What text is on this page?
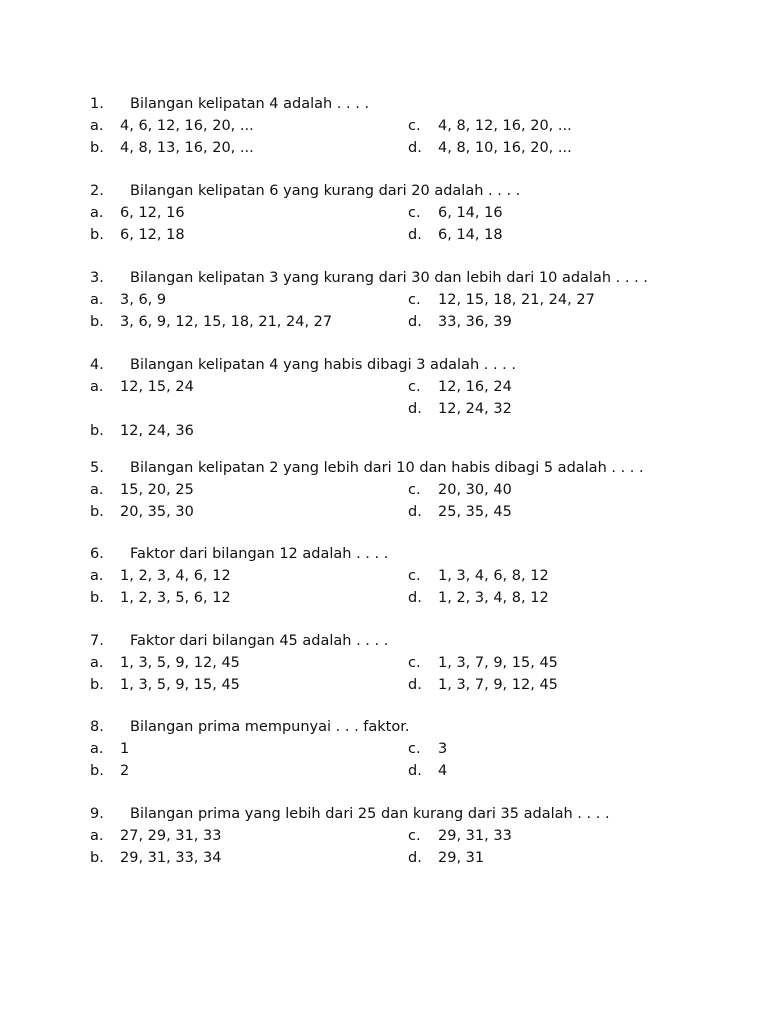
1. Bilangan kelipatan 4 adalah . . . .
a. 4, 6, 12, 16, 20, ...	c. 4, 8, 12, 16, 20, ...
b. 4, 8, 13, 16, 20, ...	d. 4, 8, 10, 16, 20, ...
2. Bilangan kelipatan 6 yang kurang dari 20 adalah . . . .
a. 6, 12, 16	c. 6, 14, 16
b. 6, 12, 18	d. 6, 14, 18
3. Bilangan kelipatan 3 yang kurang dari 30 dan lebih dari 10 adalah . . . .
a. 3, 6, 9	c. 12, 15, 18, 21, 24, 27
b. 3, 6, 9, 12, 15, 18, 21, 24, 27	d. 33, 36, 39
4. Bilangan kelipatan 4 yang habis dibagi 3 adalah . . . .
a. 12, 15, 24	c. 12, 16, 24
d. 12, 24, 32
b. 12, 24, 36
5. Bilangan kelipatan 2 yang lebih dari 10 dan habis dibagi 5 adalah . . . .
a. 15, 20, 25	c. 20, 30, 40
b. 20, 35, 30	d. 25, 35, 45
6. Faktor dari bilangan 12 adalah . . . .
a. 1, 2, 3, 4, 6, 12	c. 1, 3, 4, 6, 8, 12
b. 1, 2, 3, 5, 6, 12	d. 1, 2, 3, 4, 8, 12
7. Faktor dari bilangan 45 adalah . . . .
a. 1, 3, 5, 9, 12, 45	c. 1, 3, 7, 9, 15, 45
b. 1, 3, 5, 9, 15, 45	d. 1, 3, 7, 9, 12, 45
8. Bilangan prima mempunyai . . . faktor.
a. 1	c. 3
b. 2	d. 4
9. Bilangan prima yang lebih dari 25 dan kurang dari 35 adalah . . . .
a. 27, 29, 31, 33	c. 29, 31, 33
b. 29, 31, 33, 34	d. 29, 31
